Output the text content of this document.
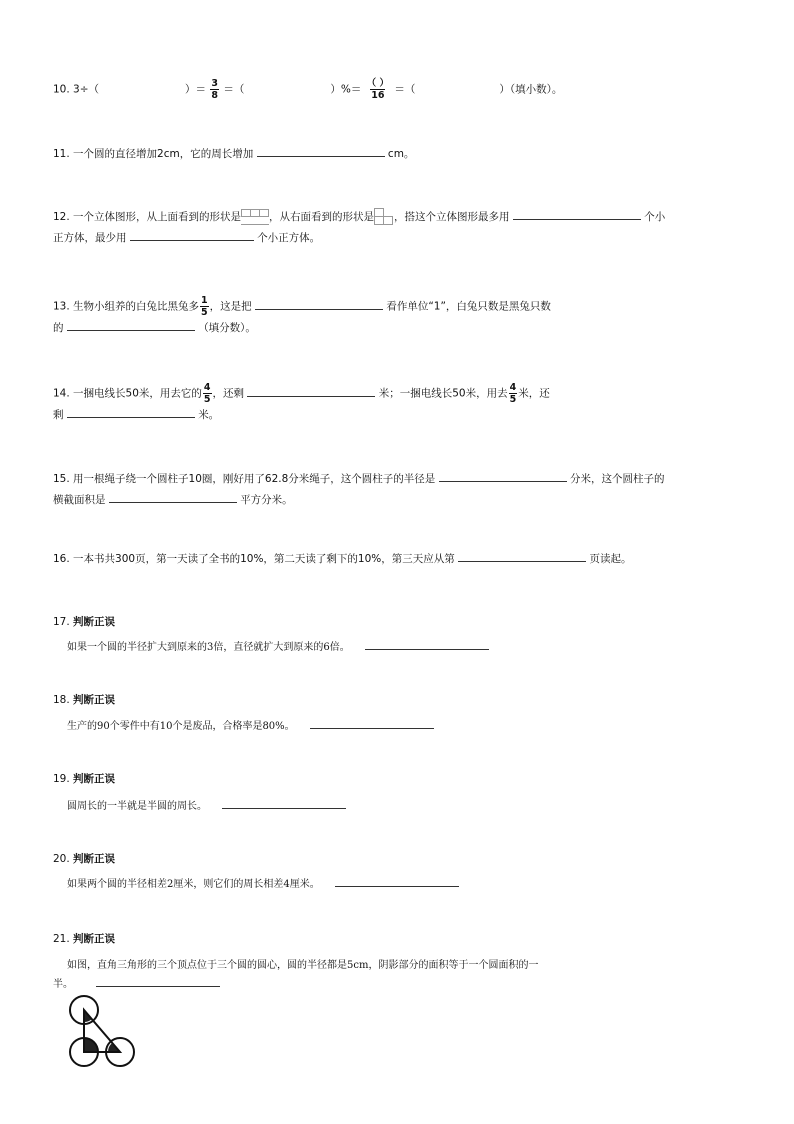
10. 3÷（	）＝ $\frac{3}{8}$ ＝（	）%＝ $\frac{( )}{16}$ ＝（	）（填小数）。
11. 一个圆的直径增加2cm，它的周长增加	cm。
12. 一个立体图形，从上面看到的形状是	，从右面看到的形状是 ，搭这个立体图形最多用	个小
正方体，最少用	个小正方体。
13. 生物小组养的白兔比黑兔多 $\frac{1}{5}$ ，这是把	看作单位“1”，白兔只数是黑兔只数
的	（填分数）。
14. 一捆电线长50米，用去它的 $\frac{4}{5}$ ，还剩	米；一捆电线长50米，用去 $\frac{4}{5}$ 米，还
剩	米。
15. 用一根绳子绕一个圆柱子10圈，刚好用了62.8分米绳子，这个圆柱子的半径是	分米，这个圆柱子的
横截面积是	平方分米。
16. 一本书共300页，第一天读了全书的10%，第二天读了剩下的10%，第三天应从第	页读起。
17. 判断正误
如果一个圆的半径扩大到原来的3倍，直径就扩大到原来的6倍。
18. 判断正误
生产的90个零件中有10个是废品，合格率是80%。
19. 判断正误
圆周长的一半就是半圆的周长。
20. 判断正误
如果两个圆的半径相差2厘米，则它们的周长相差4厘米。
21. 判断正误
如图，直角三角形的三个顶点位于三个圆的圆心，圆的半径都是5cm，阴影部分的面积等于一个圆面积的一
半。
